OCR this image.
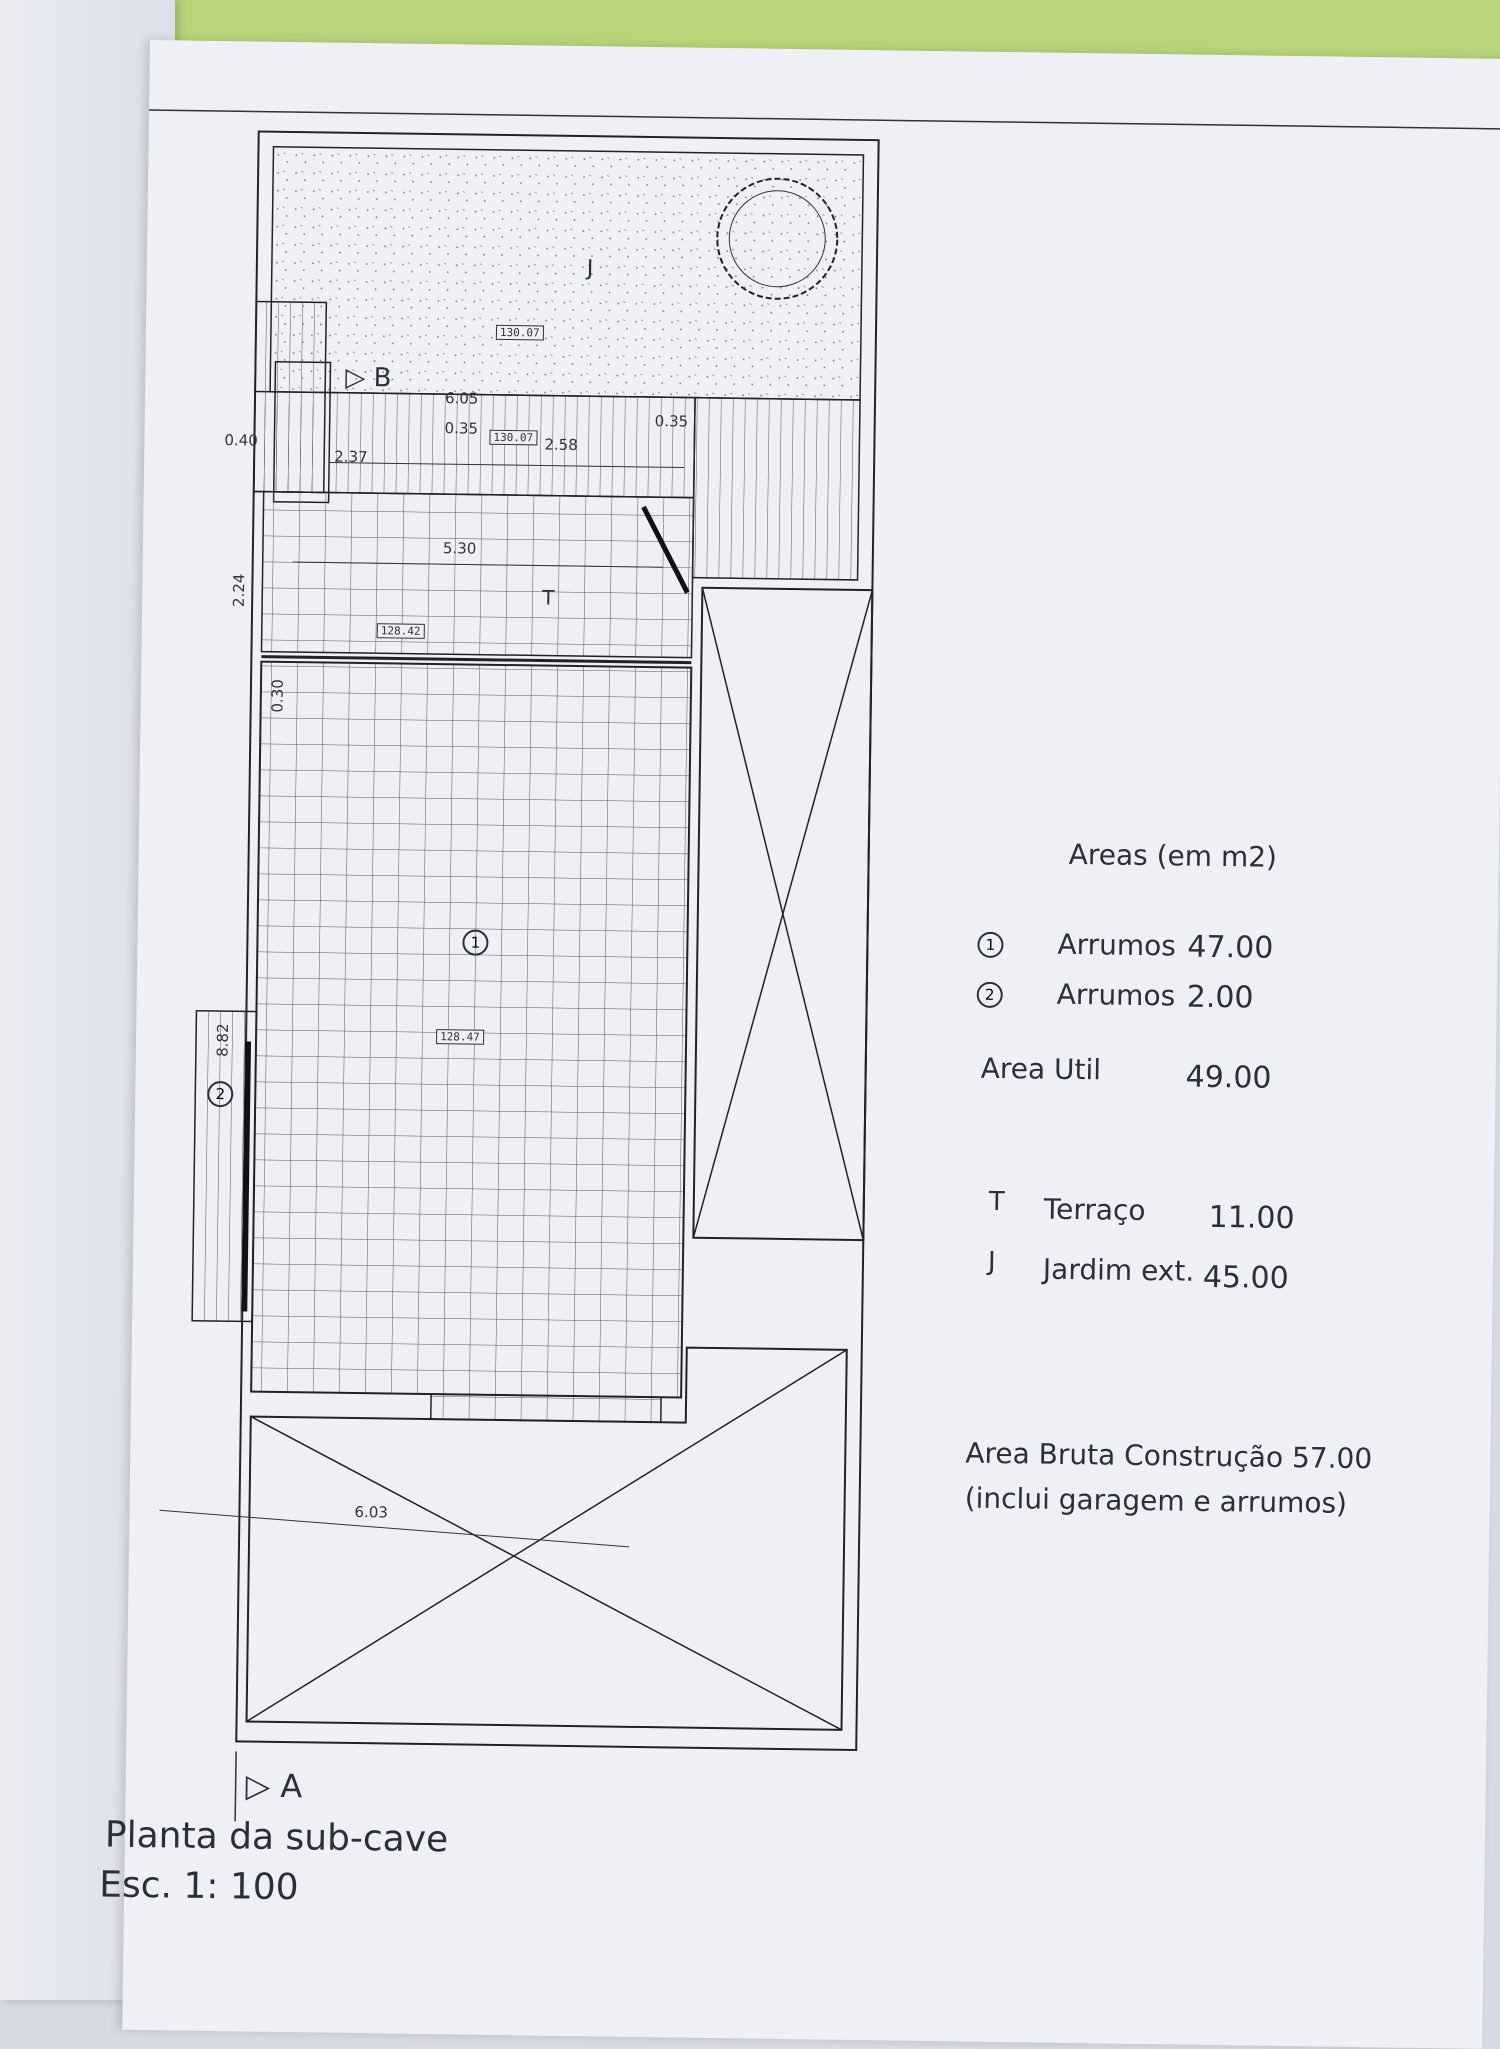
J
T
1
2
130.07
130.07
128.42
128.47
6.05
0.40
0.35
2.58
0.35
2.37
5.30
2.24
0.30
8.82
6.03
▷ B
▷ A
Planta da sub-cave
Esc. 1: 100
Areas (em m2)
1 Arrumos 47.00
2 Arrumos 2.00
Area Util	49.00
T Terraço 11.00
J Jardim ext. 45.00
Area Bruta Construção 57.00
(inclui garagem e arrumos)
